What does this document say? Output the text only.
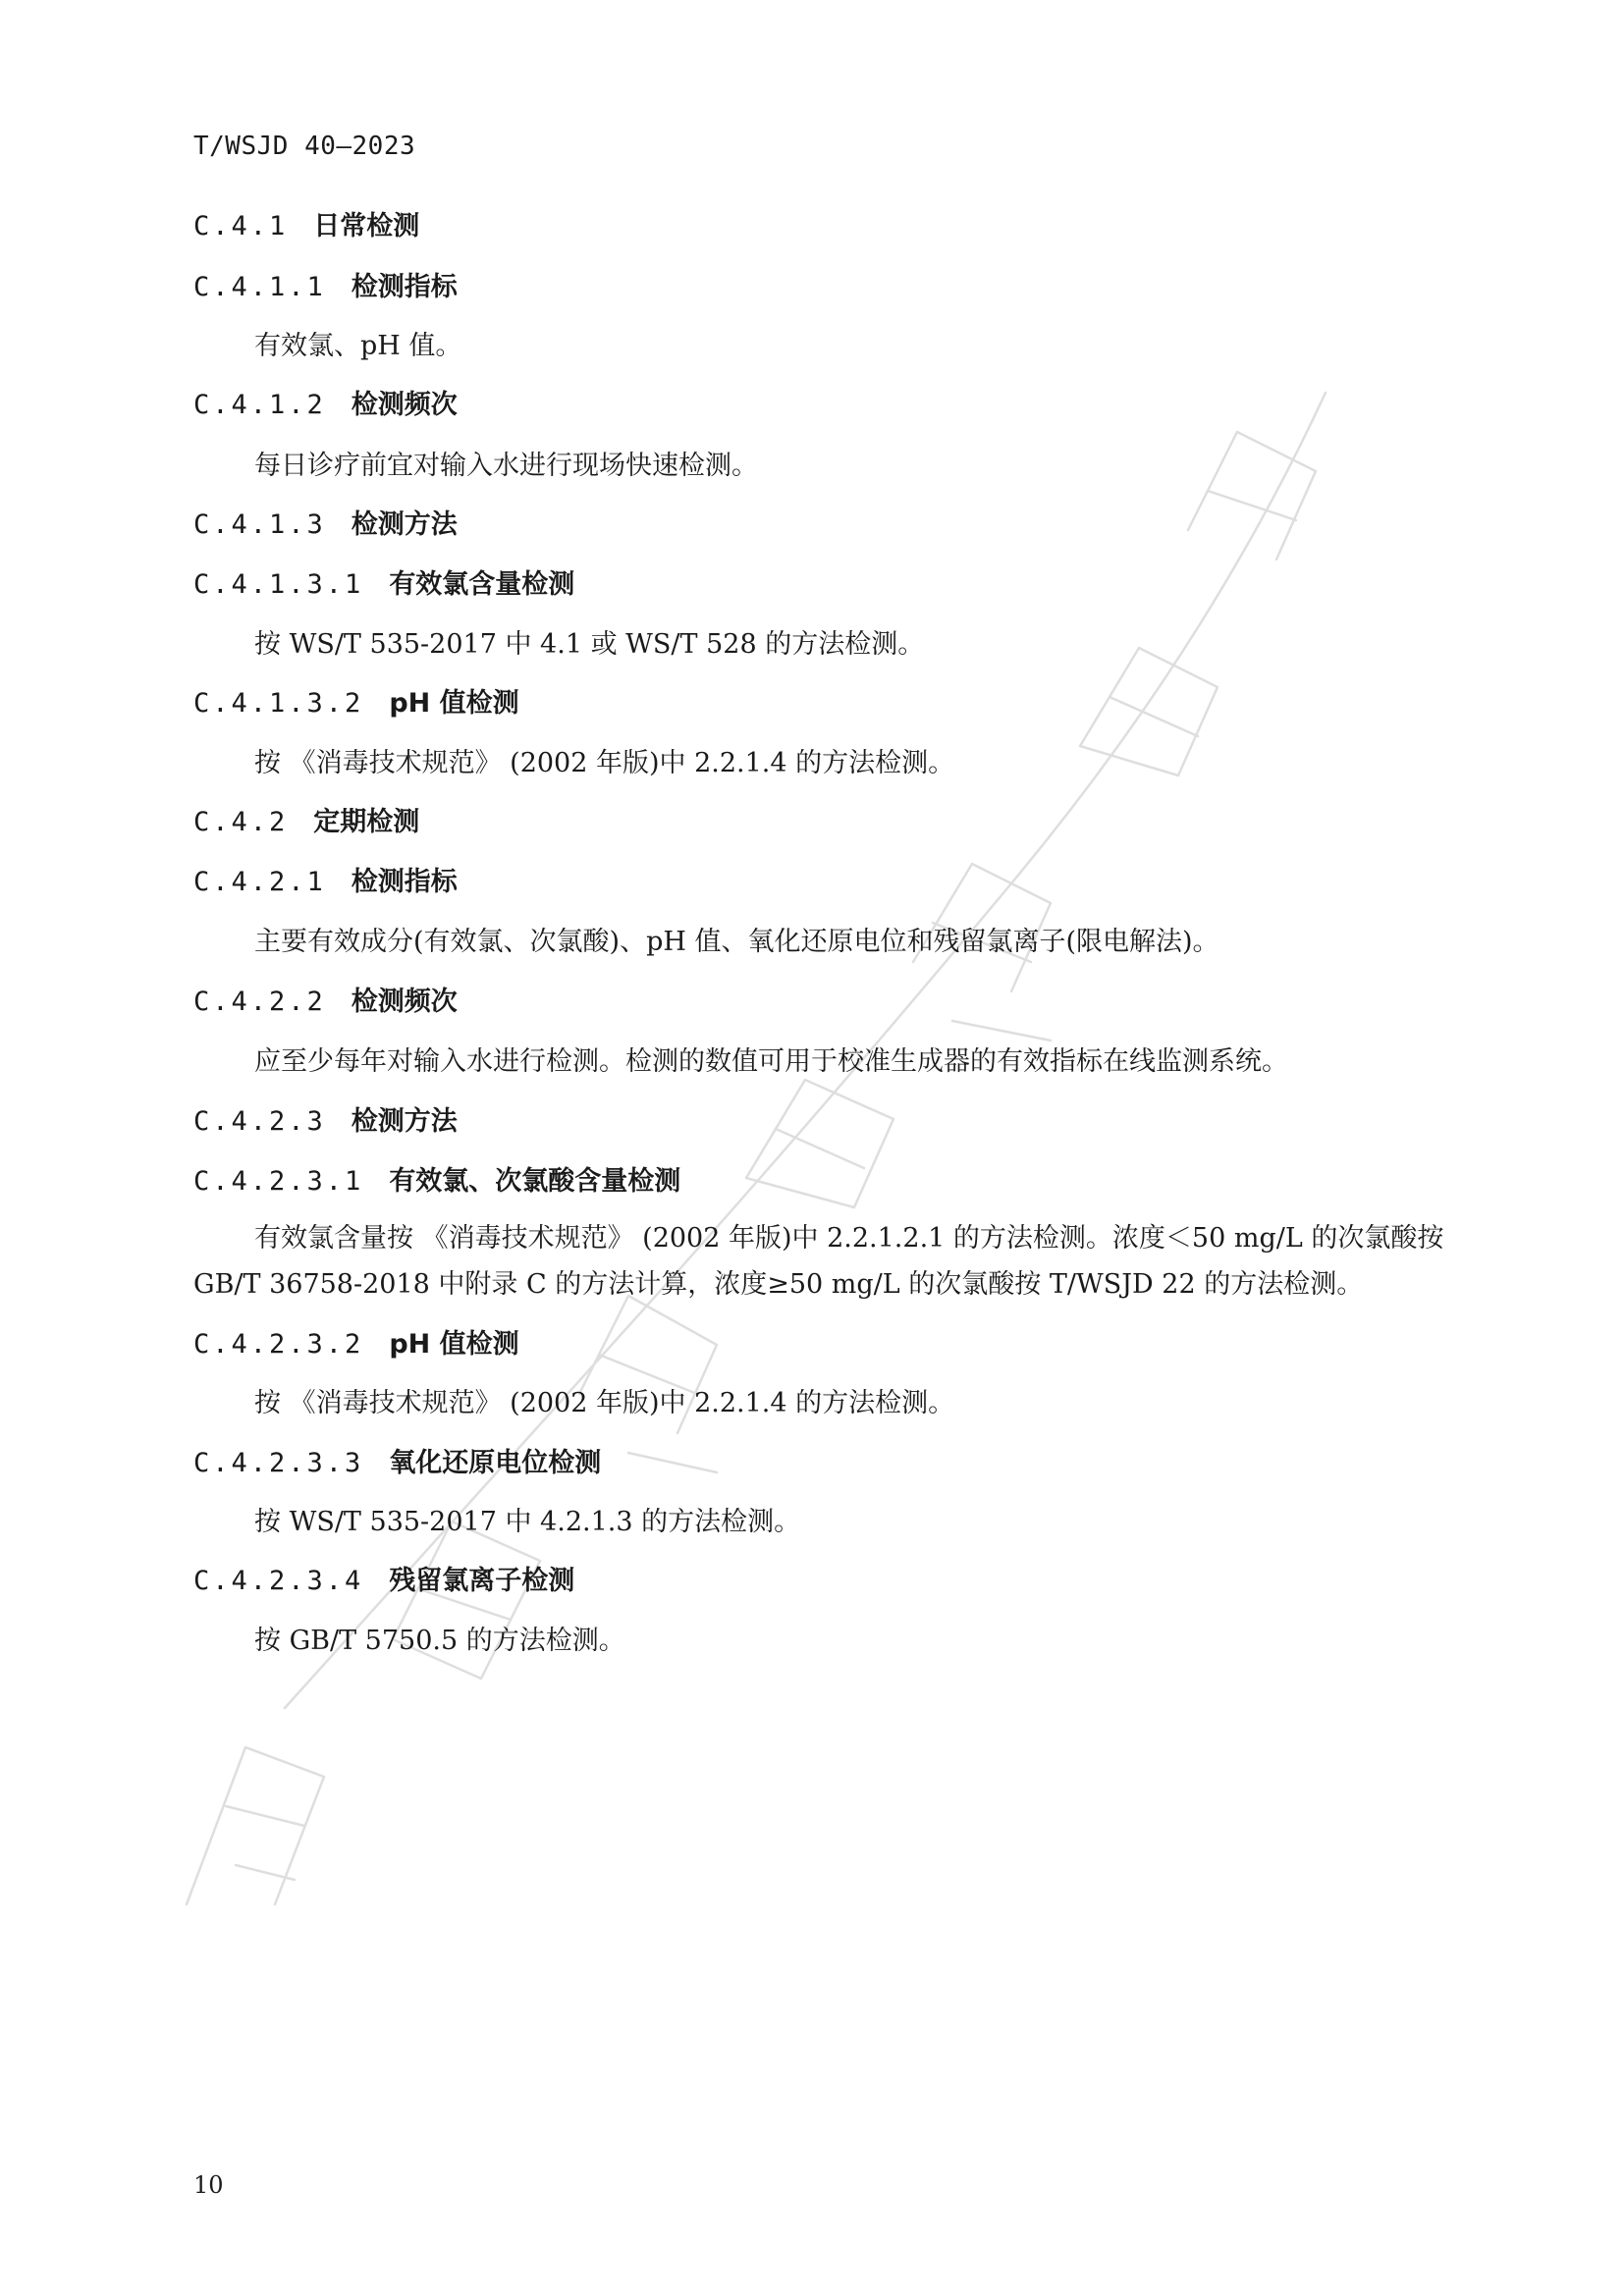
T/WSJD 40—2023
C.4.1 日常检测
C.4.1.1 检测指标
有效氯、pH 值。
C.4.1.2 检测频次
每日诊疗前宜对输入水进行现场快速检测。
C.4.1.3 检测方法
C.4.1.3.1 有效氯含量检测
按 WS/T 535-2017 中 4.1 或 WS/T 528 的方法检测。
C.4.1.3.2 pH 值检测
按 《消毒技术规范》 (2002 年版)中 2.2.1.4 的方法检测。
C.4.2 定期检测
C.4.2.1 检测指标
主要有效成分(有效氯、次氯酸)、pH 值、氧化还原电位和残留氯离子(限电解法)。
C.4.2.2 检测频次
应至少每年对输入水进行检测。检测的数值可用于校准生成器的有效指标在线监测系统。
C.4.2.3 检测方法
C.4.2.3.1 有效氯、次氯酸含量检测
有效氯含量按 《消毒技术规范》 (2002 年版)中 2.2.1.2.1 的方法检测。浓度＜50 mg/L 的次氯酸按 GB/T 36758-2018 中附录 C 的方法计算，浓度≥50 mg/L 的次氯酸按 T/WSJD 22 的方法检测。
C.4.2.3.2 pH 值检测
按 《消毒技术规范》 (2002 年版)中 2.2.1.4 的方法检测。
C.4.2.3.3 氧化还原电位检测
按 WS/T 535-2017 中 4.2.1.3 的方法检测。
C.4.2.3.4 残留氯离子检测
按 GB/T 5750.5 的方法检测。
10
